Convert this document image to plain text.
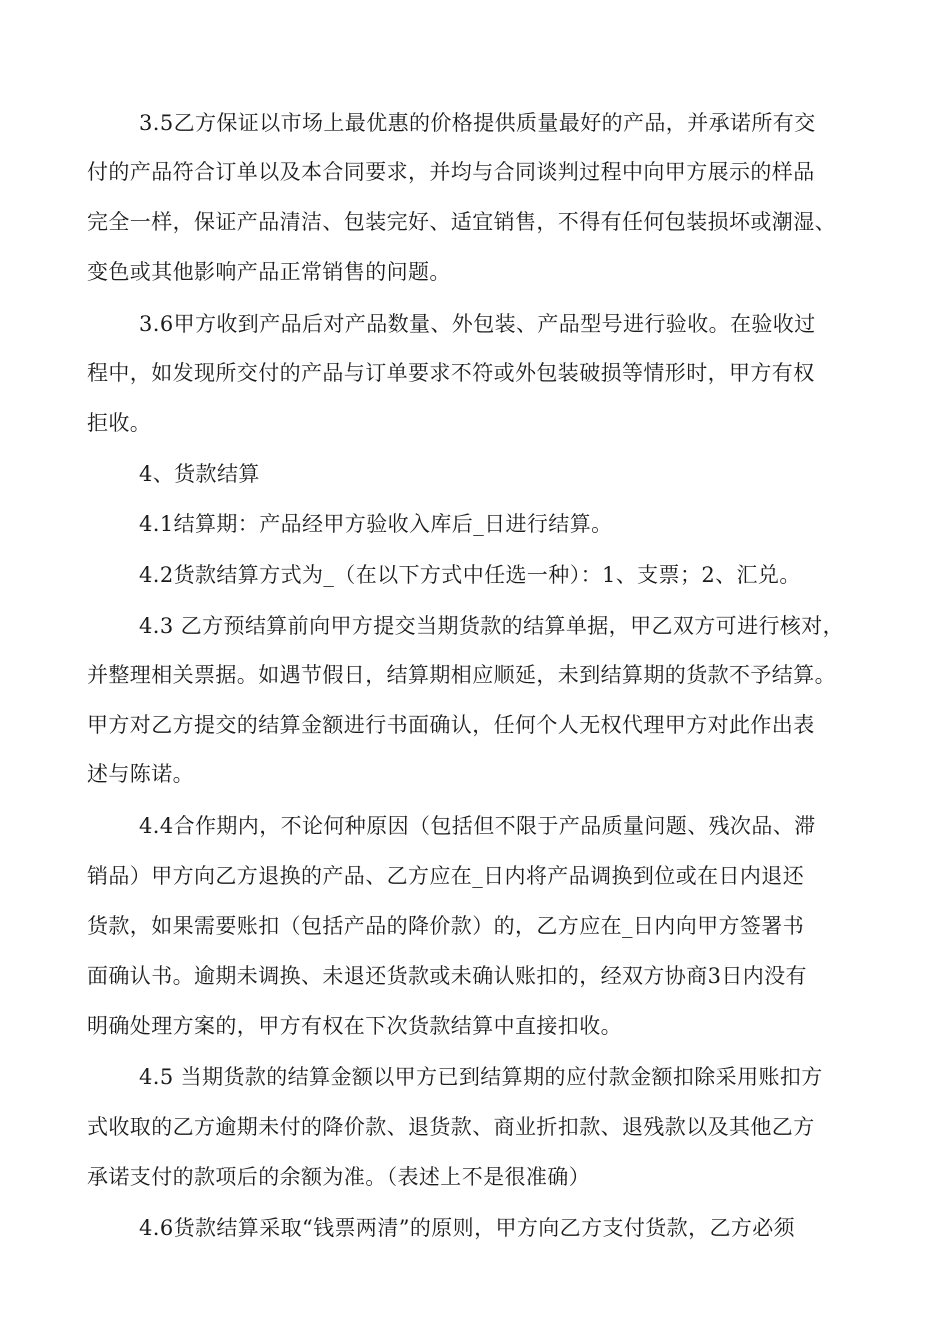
3.5乙方保证以市场上最优惠的价格提供质量最好的产品，并承诺所有交
付的产品符合订单以及本合同要求，并均与合同谈判过程中向甲方展示的样品
完全一样，保证产品清洁、包装完好、适宜销售，不得有任何包装损坏或潮湿、
变色或其他影响产品正常销售的问题。
3.6甲方收到产品后对产品数量、外包装、产品型号进行验收。在验收过
程中，如发现所交付的产品与订单要求不符或外包装破损等情形时，甲方有权
拒收。
4、货款结算
4.1结算期：产品经甲方验收入库后_日进行结算。
4.2货款结算方式为_（在以下方式中任选一种）：1、支票；2、汇兑。
4.3 乙方预结算前向甲方提交当期货款的结算单据，甲乙双方可进行核对，
并整理相关票据。如遇节假日，结算期相应顺延，未到结算期的货款不予结算。
甲方对乙方提交的结算金额进行书面确认，任何个人无权代理甲方对此作出表
述与陈诺。
4.4合作期内，不论何种原因（包括但不限于产品质量问题、残次品、滞
销品）甲方向乙方退换的产品、乙方应在_日内将产品调换到位或在日内退还
货款，如果需要账扣（包括产品的降价款）的，乙方应在_日内向甲方签署书
面确认书。逾期未调换、未退还货款或未确认账扣的，经双方协商3日内没有
明确处理方案的，甲方有权在下次货款结算中直接扣收。
4.5 当期货款的结算金额以甲方已到结算期的应付款金额扣除采用账扣方
式收取的乙方逾期未付的降价款、退货款、商业折扣款、退残款以及其他乙方
承诺支付的款项后的余额为准。（表述上不是很准确）
4.6货款结算采取“钱票两清”的原则，甲方向乙方支付货款，乙方必须
